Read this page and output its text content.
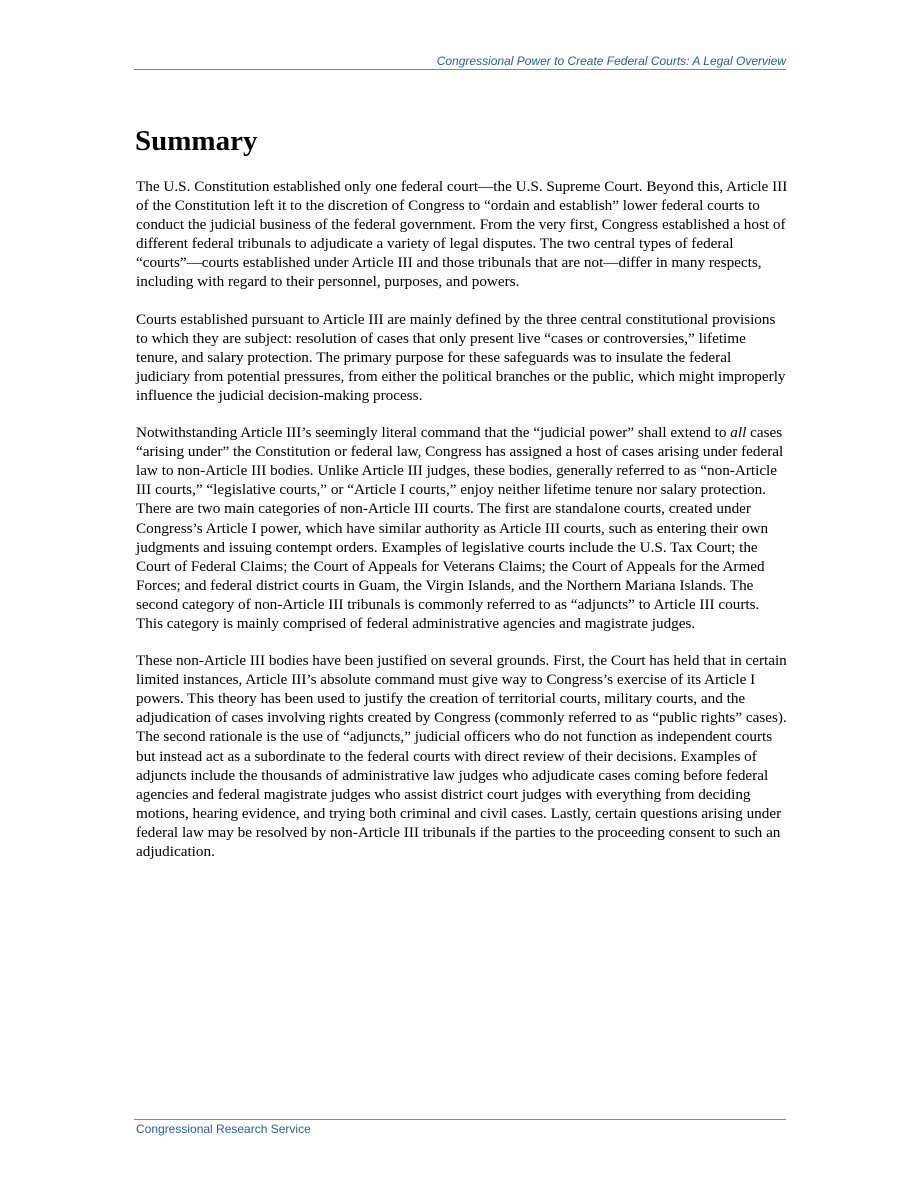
Congressional Power to Create Federal Courts: A Legal Overview
Summary

The U.S. Constitution established only one federal court—the U.S. Supreme Court. Beyond this, Article III of the Constitution left it to the discretion of Congress to “ordain and establish” lower federal courts to conduct the judicial business of the federal government. From the very first, Congress established a host of different federal tribunals to adjudicate a variety of legal disputes. The two central types of federal “courts”—courts established under Article III and those tribunals that are not—differ in many respects, including with regard to their personnel, purposes, and powers.

Courts established pursuant to Article III are mainly defined by the three central constitutional provisions to which they are subject: resolution of cases that only present live “cases or controversies,” lifetime tenure, and salary protection. The primary purpose for these safeguards was to insulate the federal judiciary from potential pressures, from either the political branches or the public, which might improperly influence the judicial decision-making process.

Notwithstanding Article III’s seemingly literal command that the “judicial power” shall extend to all cases “arising under” the Constitution or federal law, Congress has assigned a host of cases arising under federal law to non-Article III bodies. Unlike Article III judges, these bodies, generally referred to as “non-Article III courts,” “legislative courts,” or “Article I courts,” enjoy neither lifetime tenure nor salary protection. There are two main categories of non-Article III courts. The first are standalone courts, created under Congress’s Article I power, which have similar authority as Article III courts, such as entering their own judgments and issuing contempt orders. Examples of legislative courts include the U.S. Tax Court; the Court of Federal Claims; the Court of Appeals for Veterans Claims; the Court of Appeals for the Armed Forces; and federal district courts in Guam, the Virgin Islands, and the Northern Mariana Islands. The second category of non-Article III tribunals is commonly referred to as “adjuncts” to Article III courts. This category is mainly comprised of federal administrative agencies and magistrate judges.

These non-Article III bodies have been justified on several grounds. First, the Court has held that in certain limited instances, Article III’s absolute command must give way to Congress’s exercise of its Article I powers. This theory has been used to justify the creation of territorial courts, military courts, and the adjudication of cases involving rights created by Congress (commonly referred to as “public rights” cases). The second rationale is the use of “adjuncts,” judicial officers who do not function as independent courts but instead act as a subordinate to the federal courts with direct review of their decisions. Examples of adjuncts include the thousands of administrative law judges who adjudicate cases coming before federal agencies and federal magistrate judges who assist district court judges with everything from deciding motions, hearing evidence, and trying both criminal and civil cases. Lastly, certain questions arising under federal law may be resolved by non-Article III tribunals if the parties to the proceeding consent to such an adjudication.

Congressional Research Service
